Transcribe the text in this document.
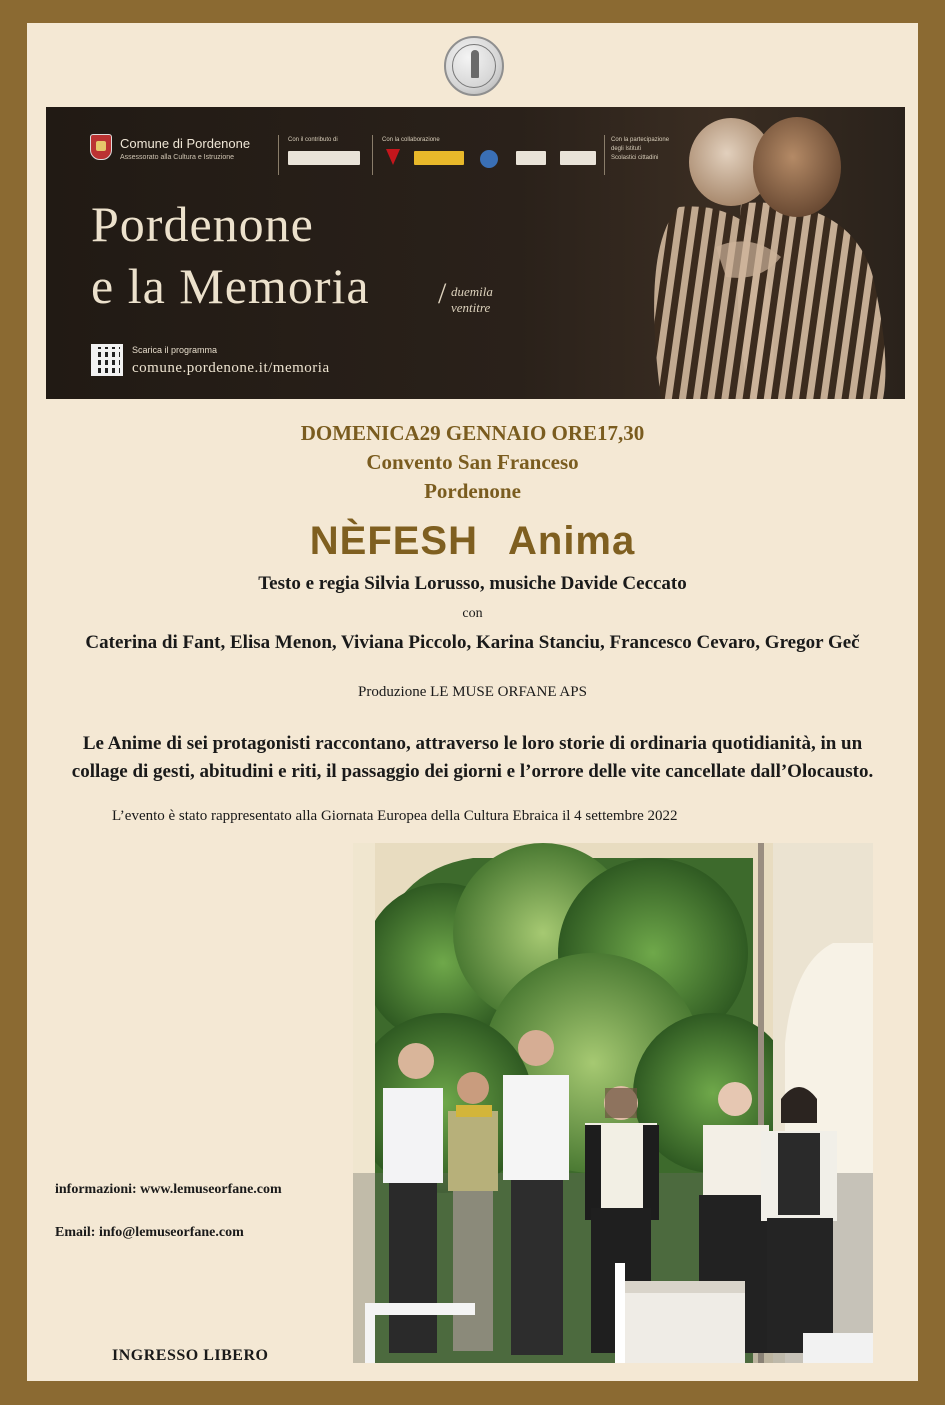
Comune di Pordenone
Assessorato alla Cultura e Istruzione
Con il contributo di	Con la collaborazione	Con la partecipazione
degli Istituti
Scolastici cittadini
Pordenone
e la Memoria / duemila
ventitre
Scarica il programma
comune.pordenone.it/memoria
DOMENICA29 GENNAIO ORE17,30
Convento San Franceso
Pordenone
NÈFESH Anima
Testo e regia Silvia Lorusso, musiche Davide Ceccato
con
Caterina di Fant, Elisa Menon, Viviana Piccolo, Karina Stanciu, Francesco Cevaro, Gregor Geč
Produzione LE MUSE ORFANE APS
Le Anime di sei protagonisti raccontano, attraverso le loro storie di ordinaria quotidianità, in un
collage di gesti, abitudini e riti, il passaggio dei giorni e l’orrore delle vite cancellate dall’Olocausto.
L’evento è stato rappresentato alla Giornata Europea della Cultura Ebraica il 4 settembre 2022
informazioni: www.lemuseorfane.com
Email: info@lemuseorfane.com
INGRESSO LIBERO
